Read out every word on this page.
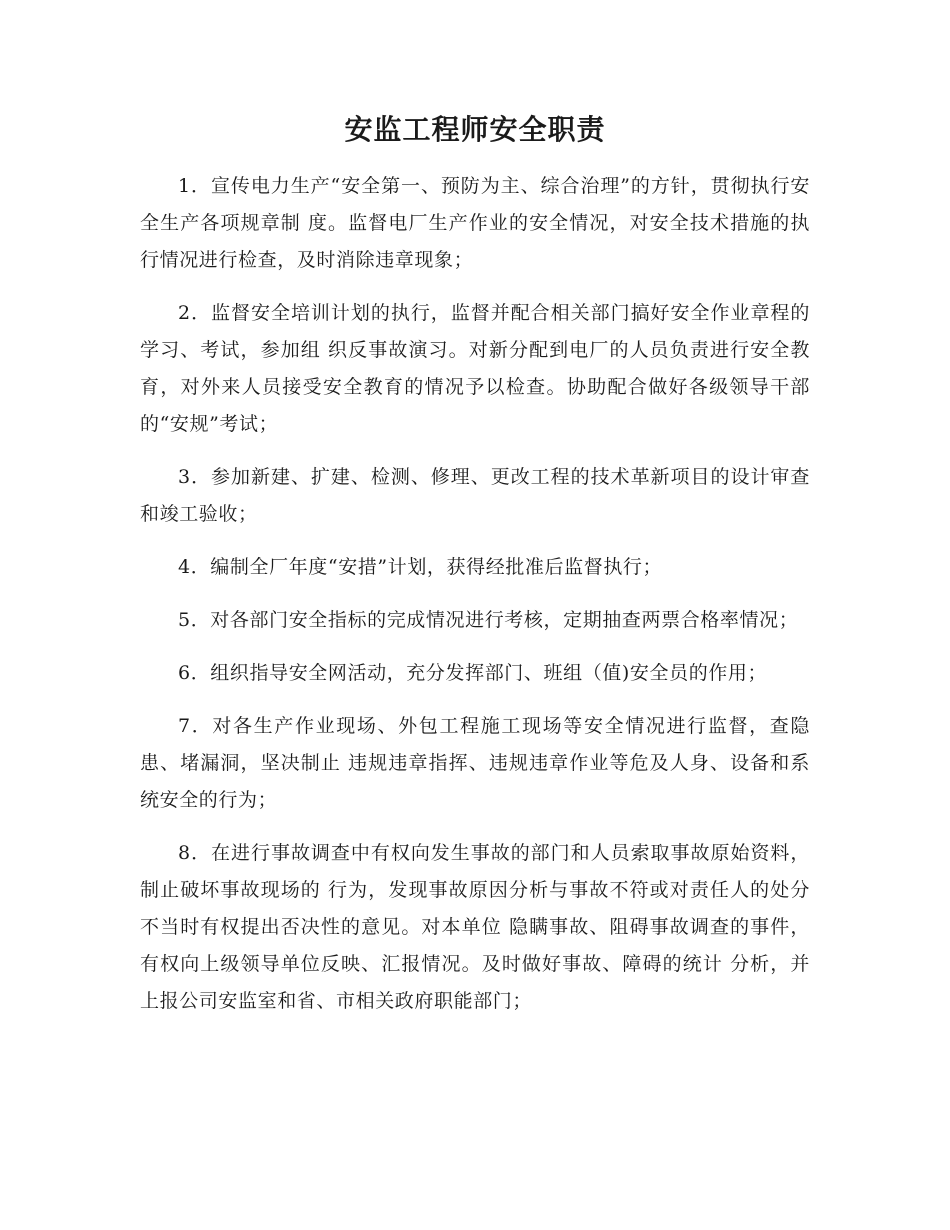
安监工程师安全职责

1．宣传电力生产“安全第一、预防为主、综合治理”的方针，贯彻执行安全生产各项规章制 度。监督电厂生产作业的安全情况，对安全技术措施的执行情况进行检查，及时消除违章现象；

2．监督安全培训计划的执行，监督并配合相关部门搞好安全作业章程的学习、考试，参加组 织反事故演习。对新分配到电厂的人员负责进行安全教育，对外来人员接受安全教育的情况予以检查。协助配合做好各级领导干部的“安规”考试；

3．参加新建、扩建、检测、修理、更改工程的技术革新项目的设计审查和竣工验收；

4．编制全厂年度“安措”计划，获得经批准后监督执行；

5．对各部门安全指标的完成情况进行考核，定期抽查两票合格率情况；

6．组织指导安全网活动，充分发挥部门、班组（值)安全员的作用；

7．对各生产作业现场、外包工程施工现场等安全情况进行监督，查隐患、堵漏洞，坚决制止 违规违章指挥、违规违章作业等危及人身、设备和系统安全的行为；

8．在进行事故调查中有权向发生事故的部门和人员索取事故原始资料，制止破坏事故现场的 行为，发现事故原因分析与事故不符或对责任人的处分不当时有权提出否决性的意见。对本单位 隐瞒事故、阻碍事故调查的事件，有权向上级领导单位反映、汇报情况。及时做好事故、障碍的统计 分析，并上报公司安监室和省、市相关政府职能部门；
